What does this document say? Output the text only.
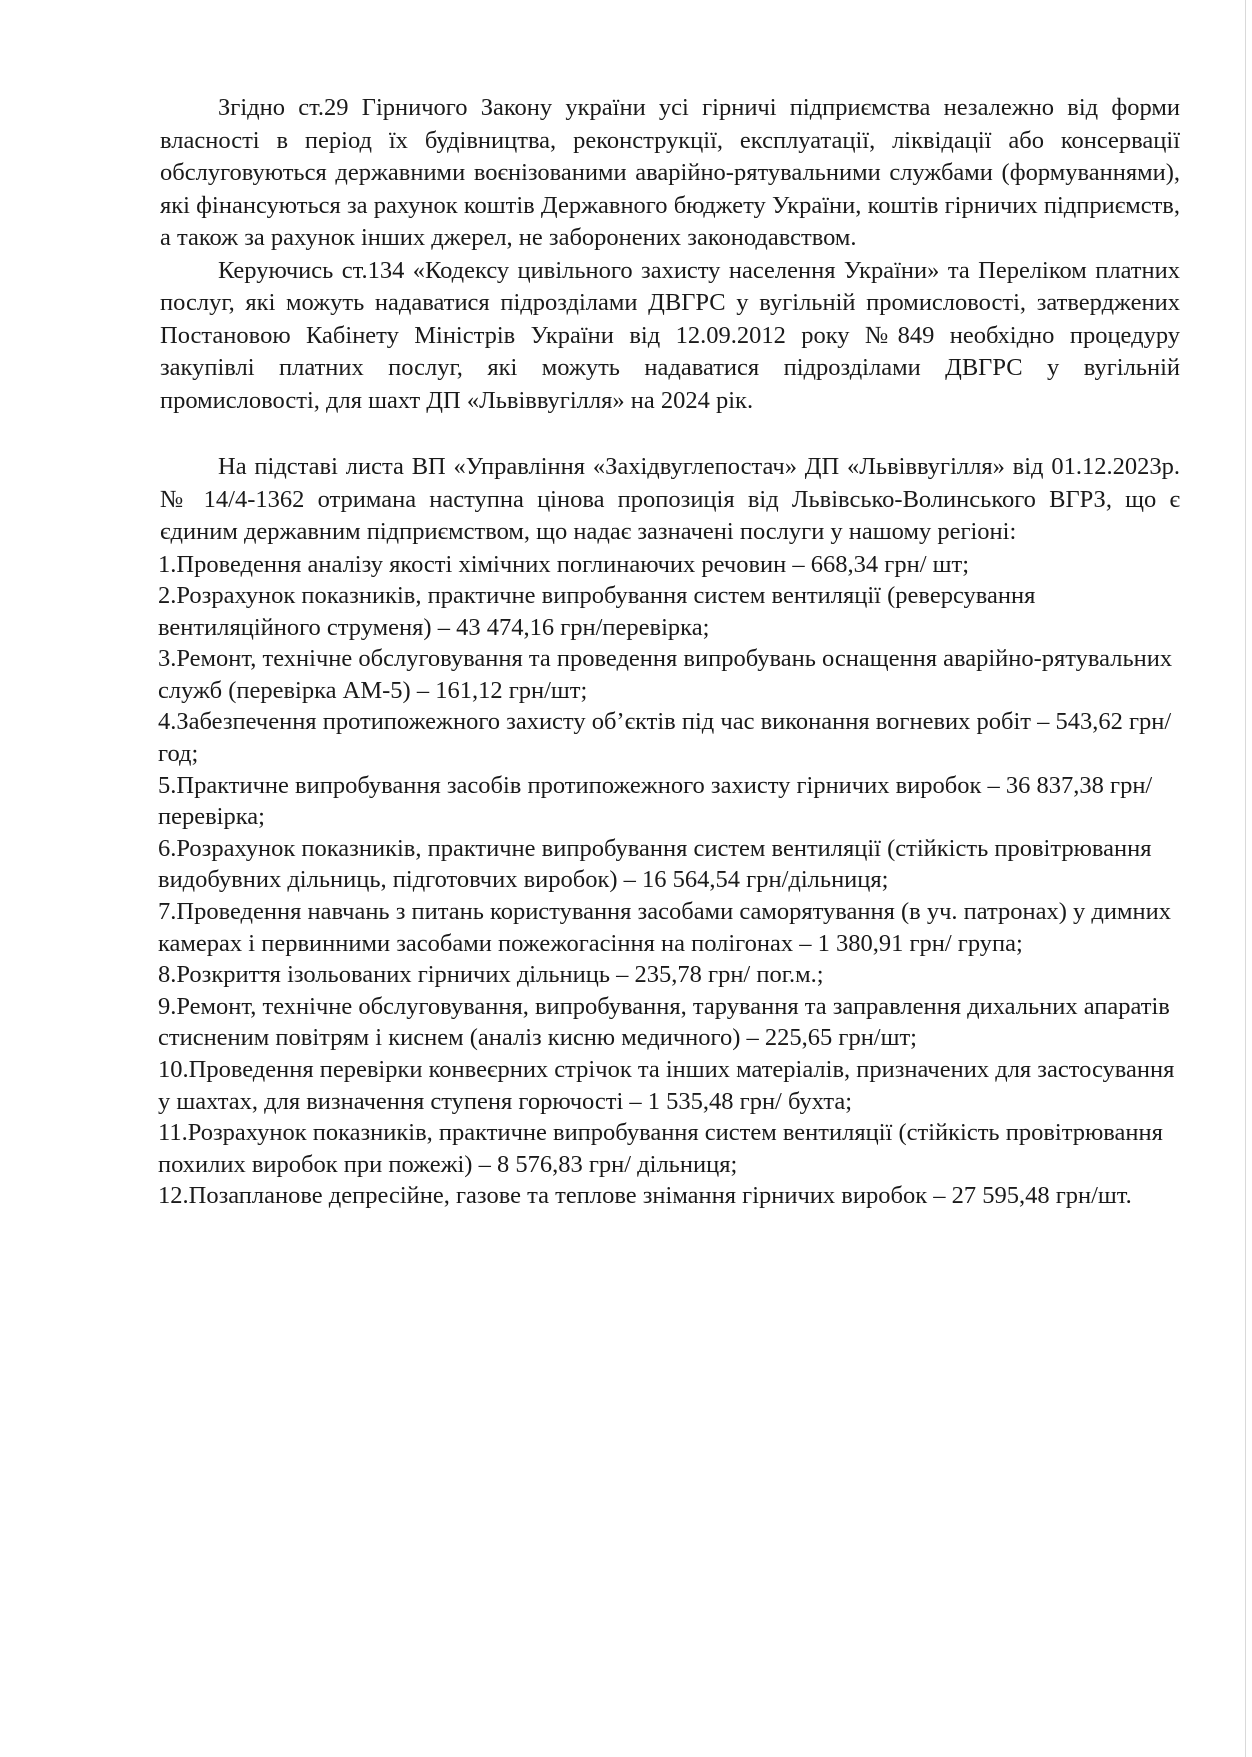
Згідно ст.29 Гірничого Закону україни усі гірничі підприємства незалежно від форми власності в період їх будівництва, реконструкції, експлуатації, ліквідації або консервації обслуговуються державними воєнізованими аварійно-рятувальними службами (формуваннями), які фінансуються за рахунок коштів Державного бюджету України, коштів гірничих підприємств, а також за рахунок інших джерел, не заборонених законодавством.

Керуючись ст.134 «Кодексу цивільного захисту населення України» та Переліком платних послуг, які можуть надаватися підрозділами ДВГРС у вугільній промисловості, затверджених Постановою Кабінету Міністрів України від 12.09.2012 року №849 необхідно процедуру закупівлі платних послуг, які можуть надаватися підрозділами ДВГРС у вугільній промисловості, для шахт ДП «Львіввугілля» на 2024 рік.

На підставі листа ВП «Управління «Західвуглепостач» ДП «Львіввугілля» від 01.12.2023р. № 14/4-1362 отримана наступна цінова пропозиція від Львівсько-Волинського ВГРЗ, що є єдиним державним підприємством, що надає зазначені послуги у нашому регіоні:

1.Проведення аналізу якості хімічних поглинаючих речовин – 668,34 грн/ шт;
2.Розрахунок показників, практичне випробування систем вентиляції (реверсування вентиляційного струменя) – 43 474,16 грн/перевірка;
3.Ремонт, технічне обслуговування та проведення випробувань оснащення аварійно-рятувальних служб (перевірка АМ-5) – 161,12 грн/шт;
4.Забезпечення протипожежного захисту об’єктів під час виконання вогневих робіт – 543,62 грн/год;
5.Практичне випробування засобів протипожежного захисту гірничих виробок – 36 837,38 грн/перевірка;
6.Розрахунок показників, практичне випробування систем вентиляції (стійкість провітрювання видобувних дільниць, підготовчих виробок) – 16 564,54 грн/дільниця;
7.Проведення навчань з питань користування засобами саморятування (в уч. патронах) у димних камерах і первинними засобами пожежогасіння на полігонах – 1 380,91 грн/ група;
8.Розкриття ізольованих гірничих дільниць – 235,78 грн/ пог.м.;
9.Ремонт, технічне обслуговування, випробування, тарування та заправлення дихальних апаратів стисненим повітрям і киснем (аналіз кисню медичного) – 225,65 грн/шт;
10.Проведення перевірки конвеєрних стрічок та інших матеріалів, призначених для застосування у шахтах, для визначення ступеня горючості – 1 535,48 грн/ бухта;
11.Розрахунок показників, практичне випробування систем вентиляції (стійкість провітрювання похилих виробок при пожежі) – 8 576,83 грн/ дільниця;
12.Позапланове депресійне, газове та теплове знімання гірничих виробок – 27 595,48 грн/шт.
